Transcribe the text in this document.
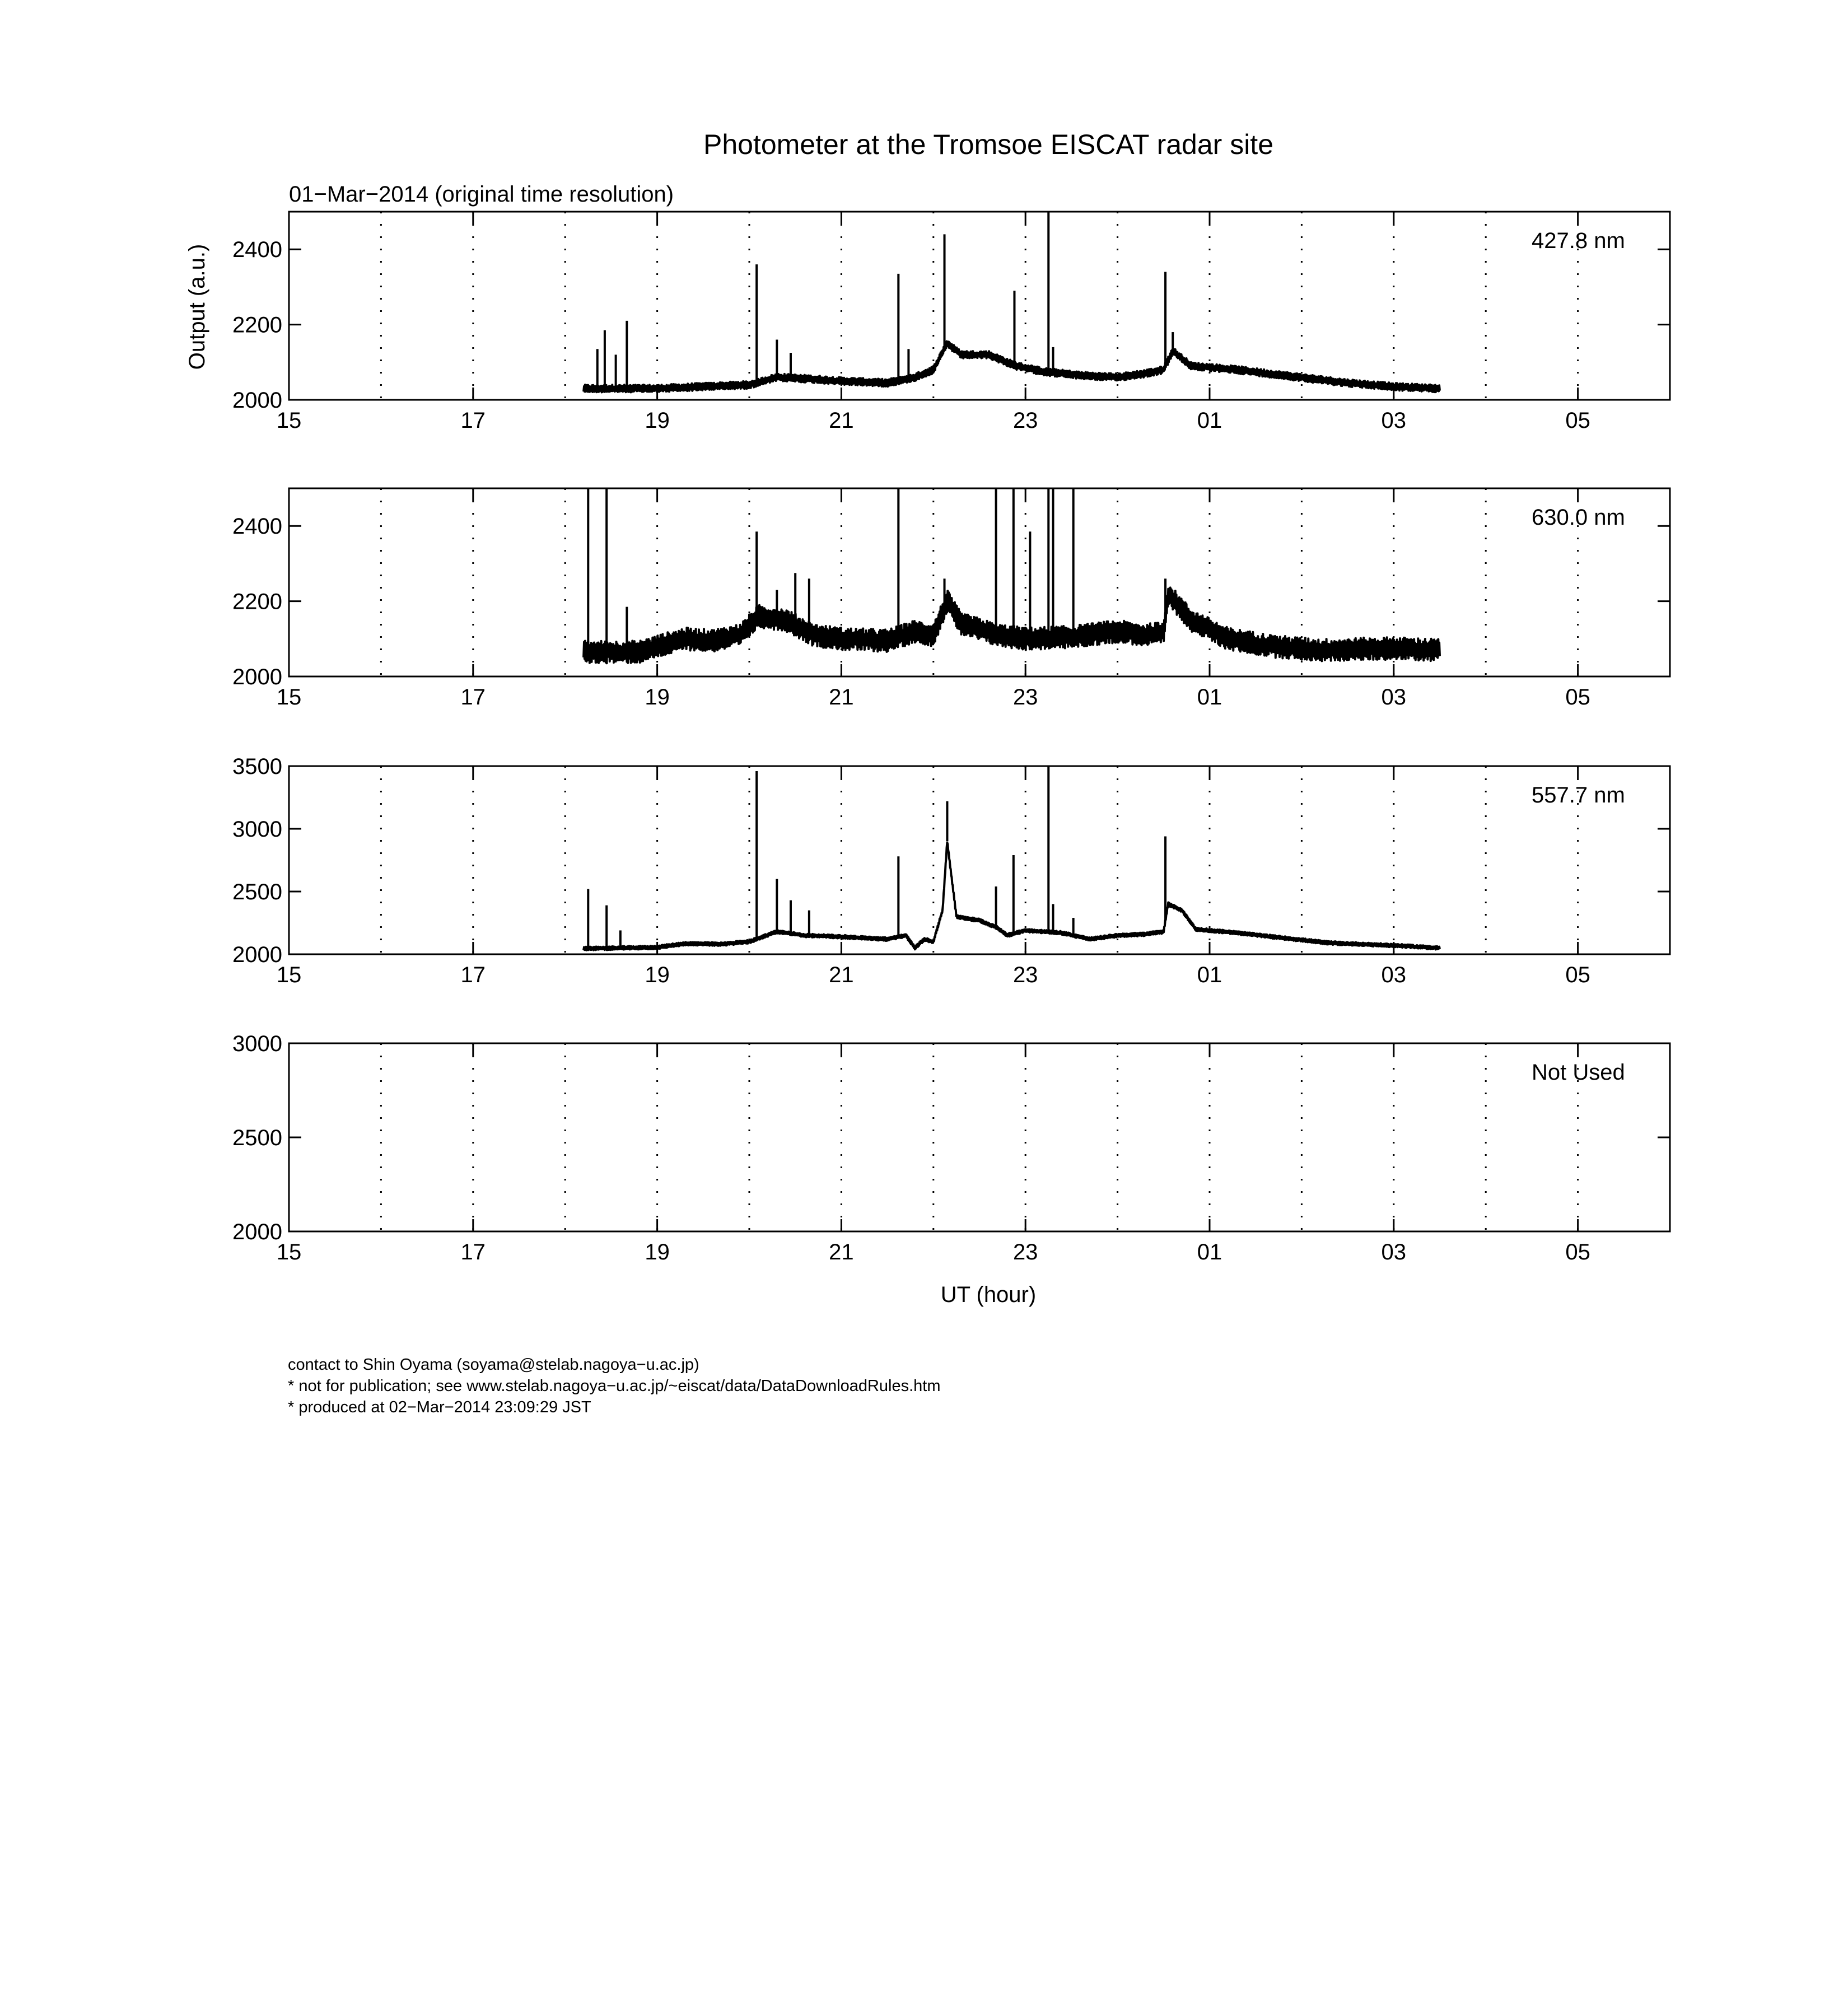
Photometer at the Tromsoe EISCAT radar site
01−Mar−2014 (original time resolution)
Output (a.u.)
UT (hour)
2000
2200
2400
15	17	19	21	23	01	03	05
427.8 nm
2000
2200
2400
15	17	19	21	23	01	03	05
630.0 nm
2000
2500
3000
3500
15	17	19	21	23	01	03	05
557.7 nm
2000
2500
3000
15	17	19	21	23	01	03	05
Not Used
contact to Shin Oyama (soyama@stelab.nagoya−u.ac.jp)
* not for publication; see www.stelab.nagoya−u.ac.jp/~eiscat/data/DataDownloadRules.htm
* produced at 02−Mar−2014 23:09:29 JST
